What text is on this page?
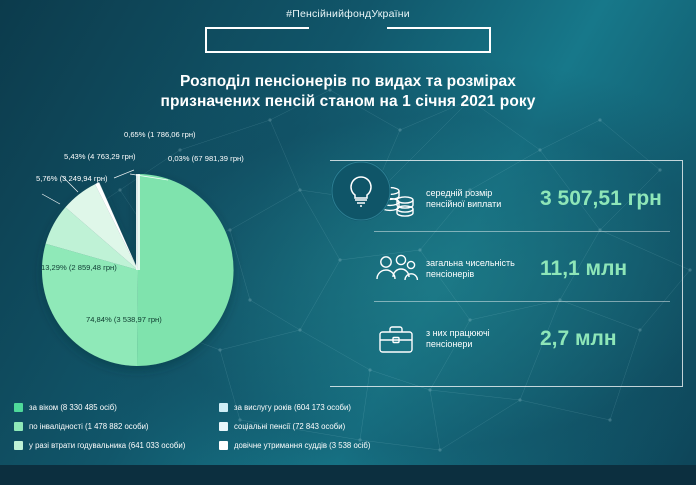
#ПенсійнийфондУкраїни
Розподіл пенсіонерів по видах та розмірах
призначених пенсій станом на 1 січня 2021 року
0,65% (1 786,06 грн)
0,03% (67 981,39 грн)
5,43% (4 763,29 грн)
5,76% (3 249,94 грн)
13,29% (2 859,48 грн)
74,84% (3 538,97 грн)
за віком (8 330 485 осіб)
по інвалідності (1 478 882 особи)
у разі втрати годувальника (641 033 особи)
за вислугу років (604 173 особи)
соціальні пенсії (72 843 особи)
довічне утримання суддів (3 538 осіб)
середній розмір
пенсійної виплати	3 507,51 грн
загальна чисельність
пенсіонерів	11,1 млн
з них працюючі
пенсіонери	2,7 млн
